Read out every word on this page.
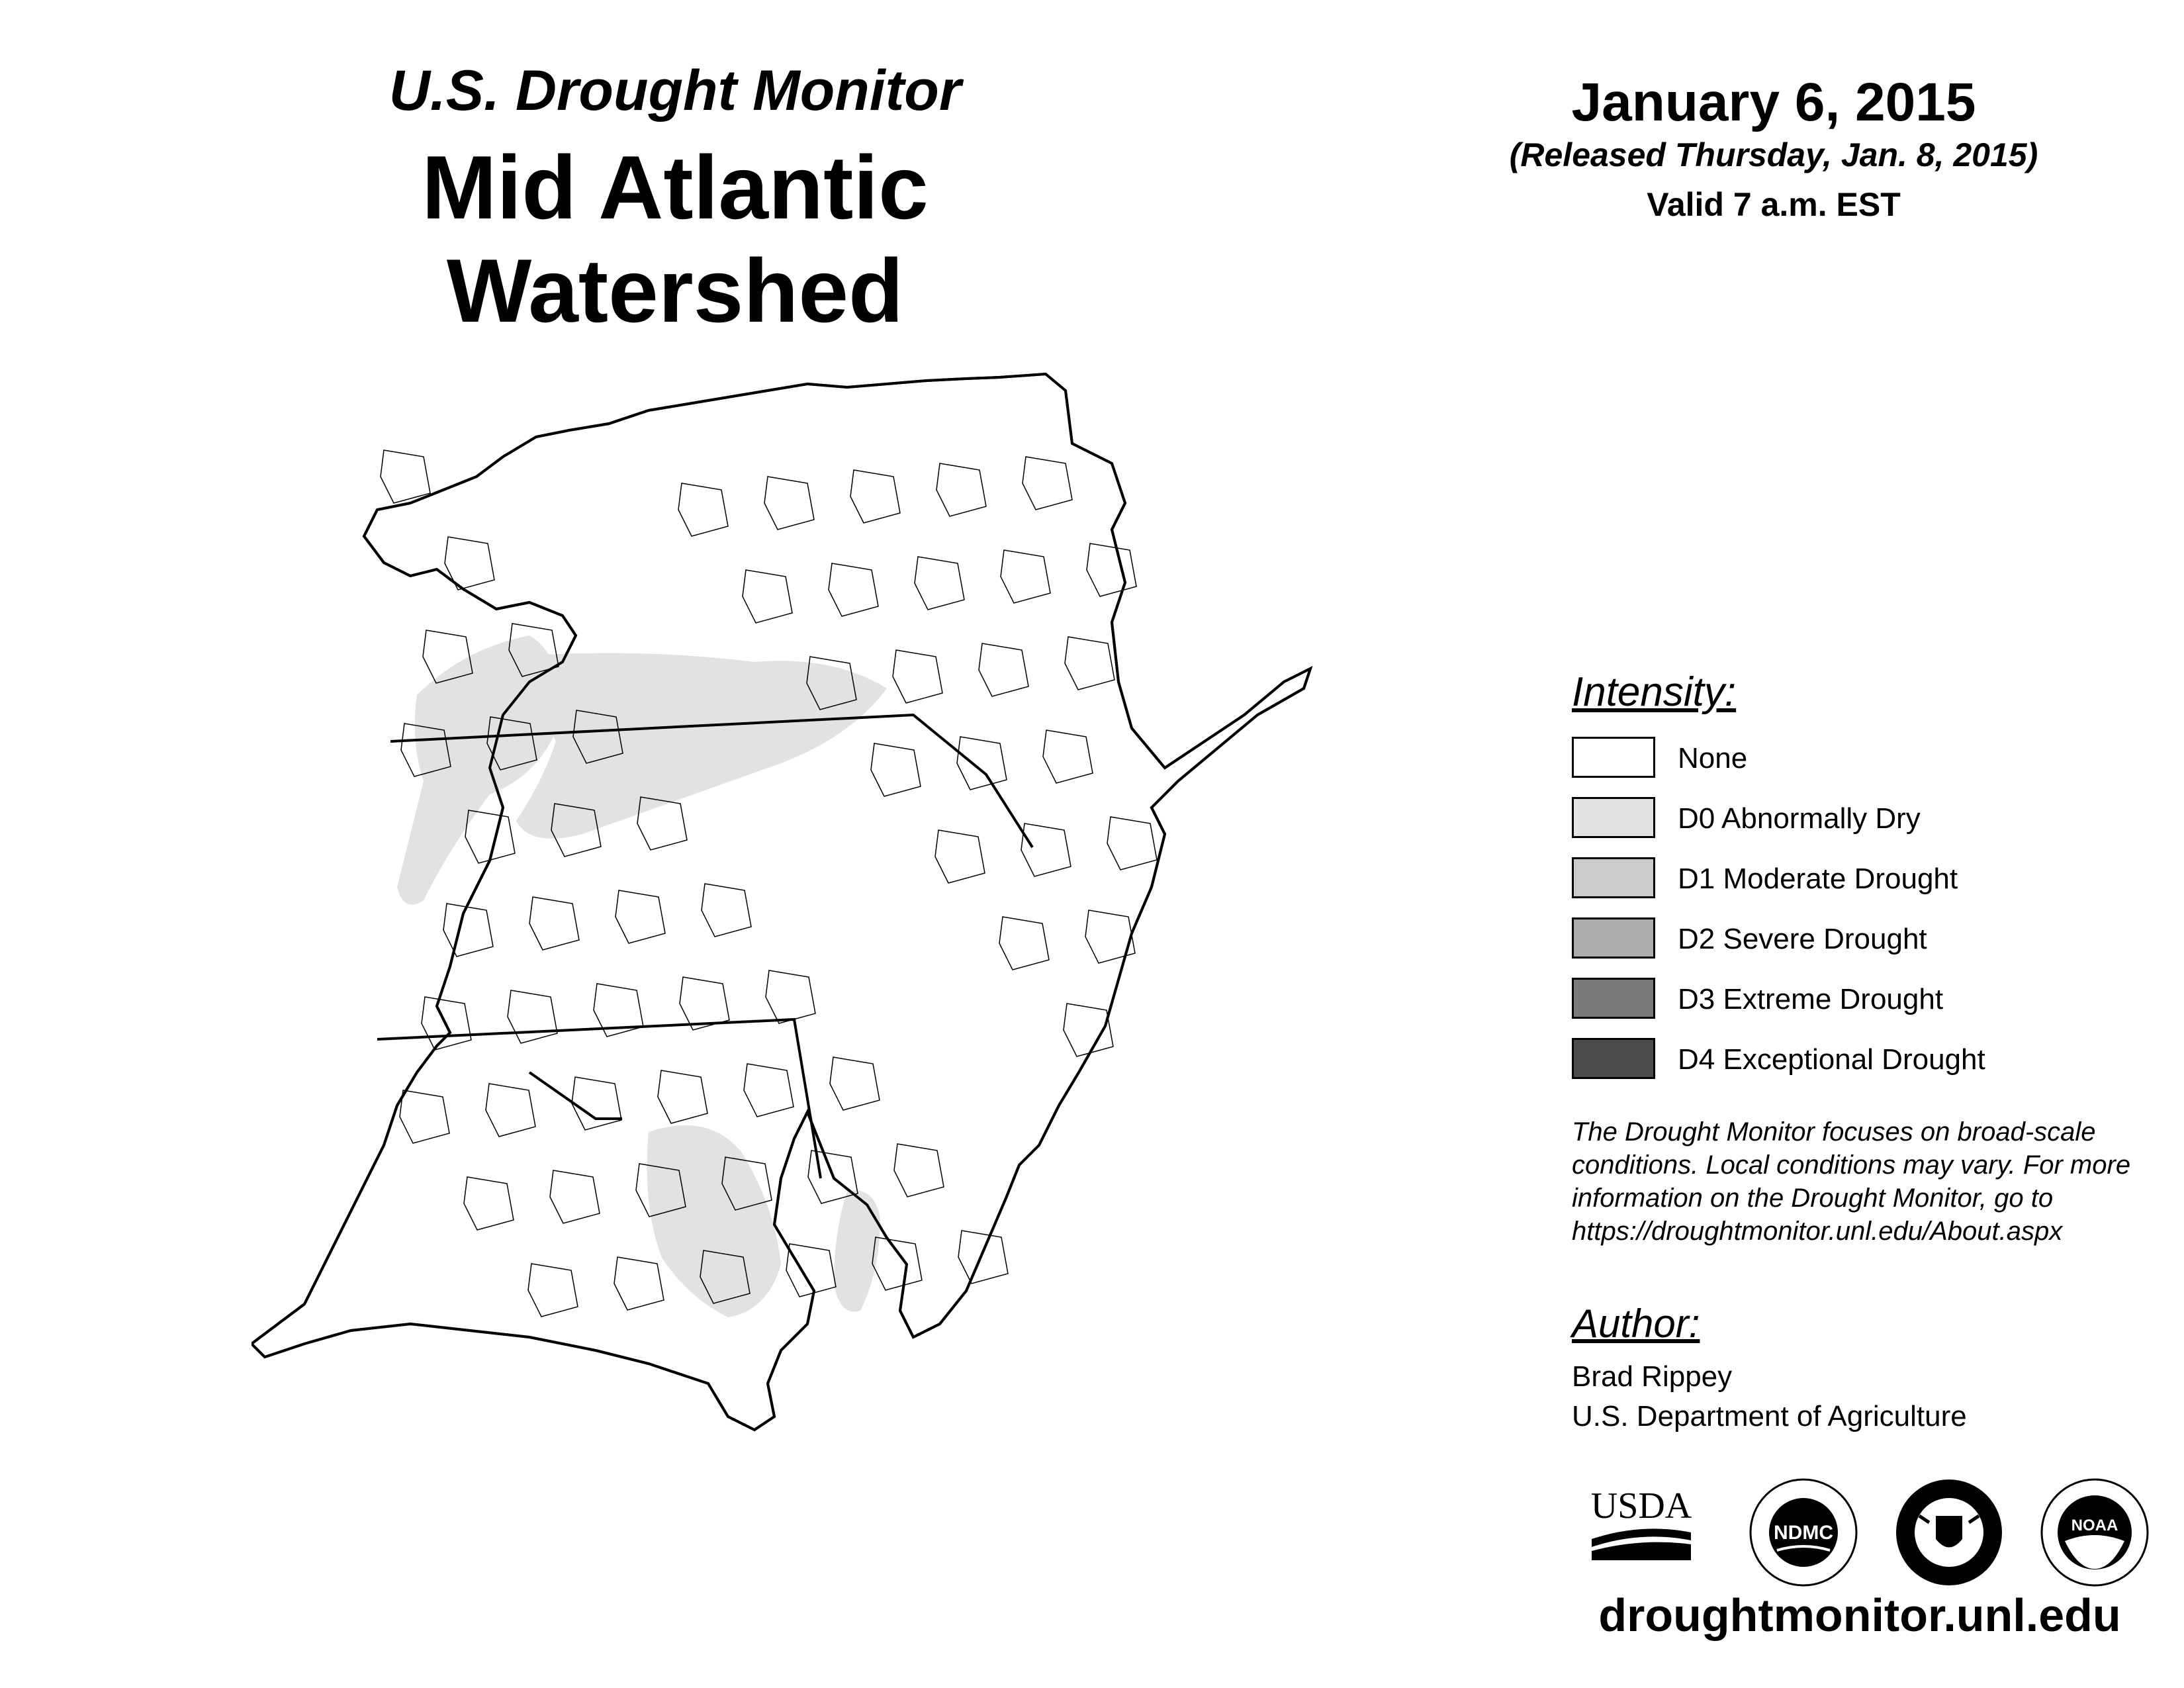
U.S. Drought Monitor
Mid Atlantic Watershed
January 6, 2015
(Released Thursday, Jan. 8, 2015)
Valid 7 a.m. EST
Intensity:
None
D0 Abnormally Dry
D1 Moderate Drought
D2 Severe Drought
D3 Extreme Drought
D4 Exceptional Drought
The Drought Monitor focuses on broad-scale
conditions. Local conditions may vary. For more
information on the Drought Monitor, go to
https://droughtmonitor.unl.edu/About.aspx
Author:
Brad Rippey
U.S. Department of Agriculture
USDA
NDMC	NOAA
droughtmonitor.unl.edu
